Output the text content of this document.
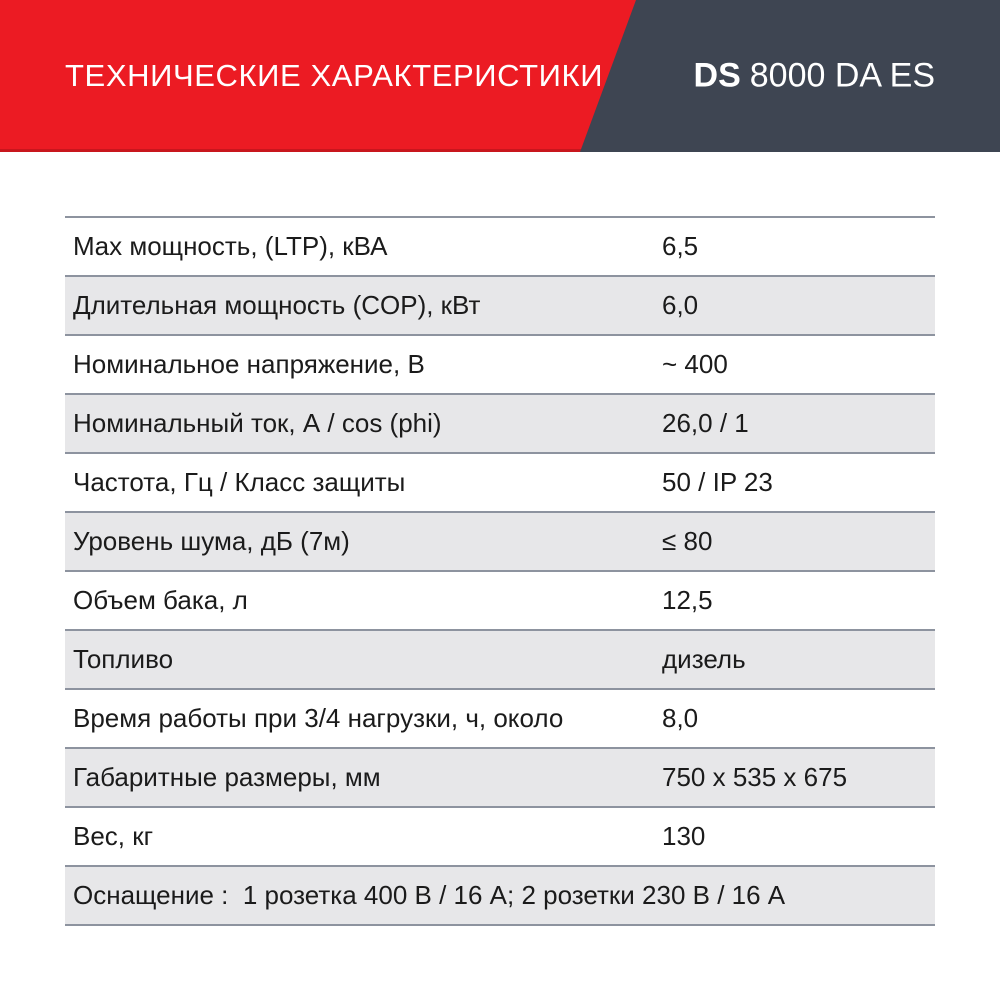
ТЕХНИЧЕСКИЕ ХАРАКТЕРИСТИКИ	DS 8000 DA ES
Max мощность, (LTP), кВА	6,5
Длительная мощность (COP), кВт	6,0
Номинальное напряжение, В	~ 400
Номинальный ток, А / cos (phi)	26,0 / 1
Частота, Гц / Класс защиты	50 / IP 23
Уровень шума, дБ (7м)	≤ 80
Объем бака, л	12,5
Топливо	дизель
Время работы при 3/4 нагрузки, ч, около	8,0
Габаритные размеры, мм	750 x 535 x 675
Вес, кг	130
Оснащение :  1 розетка 400 В / 16 А; 2 розетки 230 В / 16 А
